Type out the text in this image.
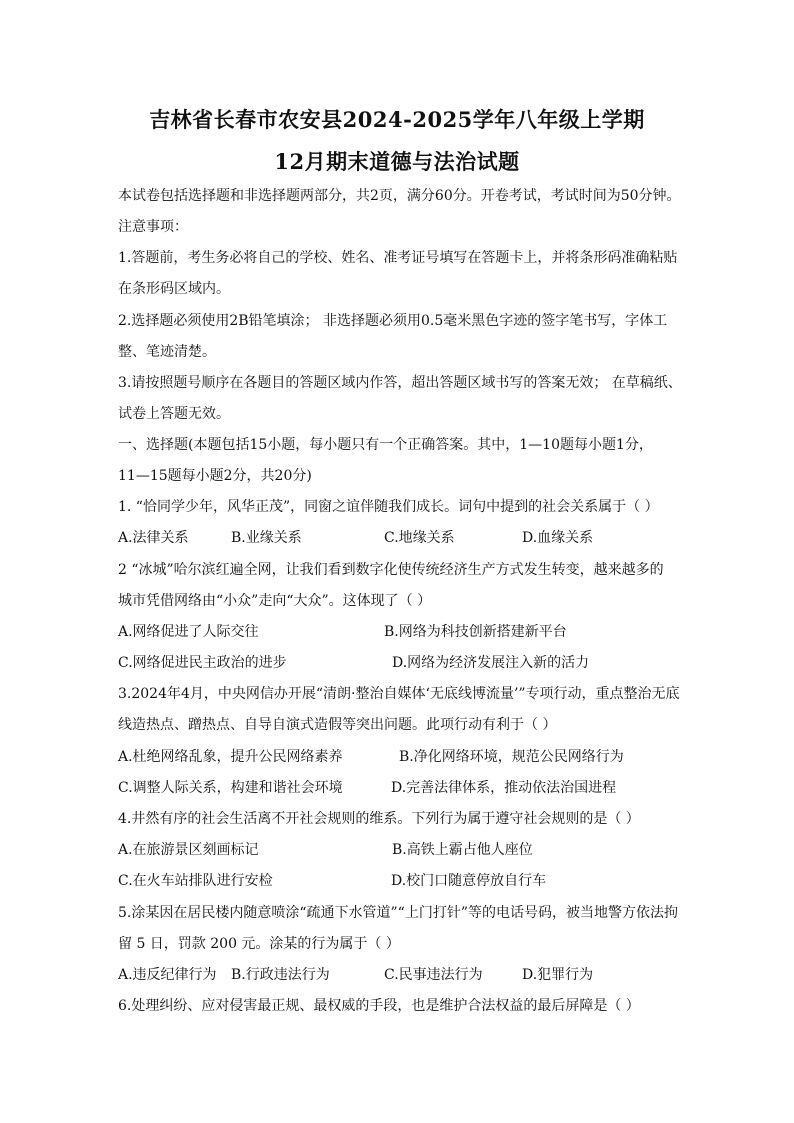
吉林省长春市农安县2024-2025学年八年级上学期
12月期末道德与法治试题
本试卷包括选择题和非选择题两部分，共2页，满分60分。开卷考试，考试时间为50分钟。
注意事项：
1.答题前，考生务必将自己的学校、姓名、准考证号填写在答题卡上，并将条形码准确粘贴
在条形码区域内。
2.选择题必须使用2B铅笔填涂； 非选择题必须用0.5毫米黑色字迹的签字笔书写，字体工
整、笔迹清楚。
3.请按照题号顺序在各题目的答题区域内作答，超出答题区域书写的答案无效； 在草稿纸、
试卷上答题无效。
一、选择题(本题包括15小题，每小题只有一个正确答案。其中，1—10题每小题1分，
11—15题每小题2分，共20分)
1. “恰同学少年，风华正茂”，同窗之谊伴随我们成长。词句中提到的社会关系属于（ ）
A.法律关系	B.业缘关系	C.地缘关系	D.血缘关系
2 “冰城”哈尔滨红遍全网，让我们看到数字化使传统经济生产方式发生转变，越来越多的
城市凭借网络由“小众”走向“大众”。这体现了（ ）
A.网络促进了人际交往	B.网络为科技创新搭建新平台
C.网络促进民主政治的进步	D.网络为经济发展注入新的活力
3.2024年4月，中央网信办开展“清朗·整治自媒体‘无底线博流量’”专项行动，重点整治无底
线造热点、蹭热点、自导自演式造假等突出问题。此项行动有利于（ ）
A.杜绝网络乱象，提升公民网络素养	B.净化网络环境，规范公民网络行为
C.调整人际关系，构建和谐社会环境	D.完善法律体系，推动依法治国进程
4.井然有序的社会生活离不开社会规则的维系。下列行为属于遵守社会规则的是（ ）
A.在旅游景区刻画标记	B.高铁上霸占他人座位
C.在火车站排队进行安检	D.校门口随意停放自行车
5.涂某因在居民楼内随意喷涂“疏通下水管道”“上门打针”等的电话号码，被当地警方依法拘
留 5 日，罚款 200 元。涂某的行为属于（ ）
A.违反纪律行为 B.行政违法行为	C.民事违法行为	D.犯罪行为
6.处理纠纷、应对侵害最正规、最权威的手段，也是维护合法权益的最后屏障是（ ）
